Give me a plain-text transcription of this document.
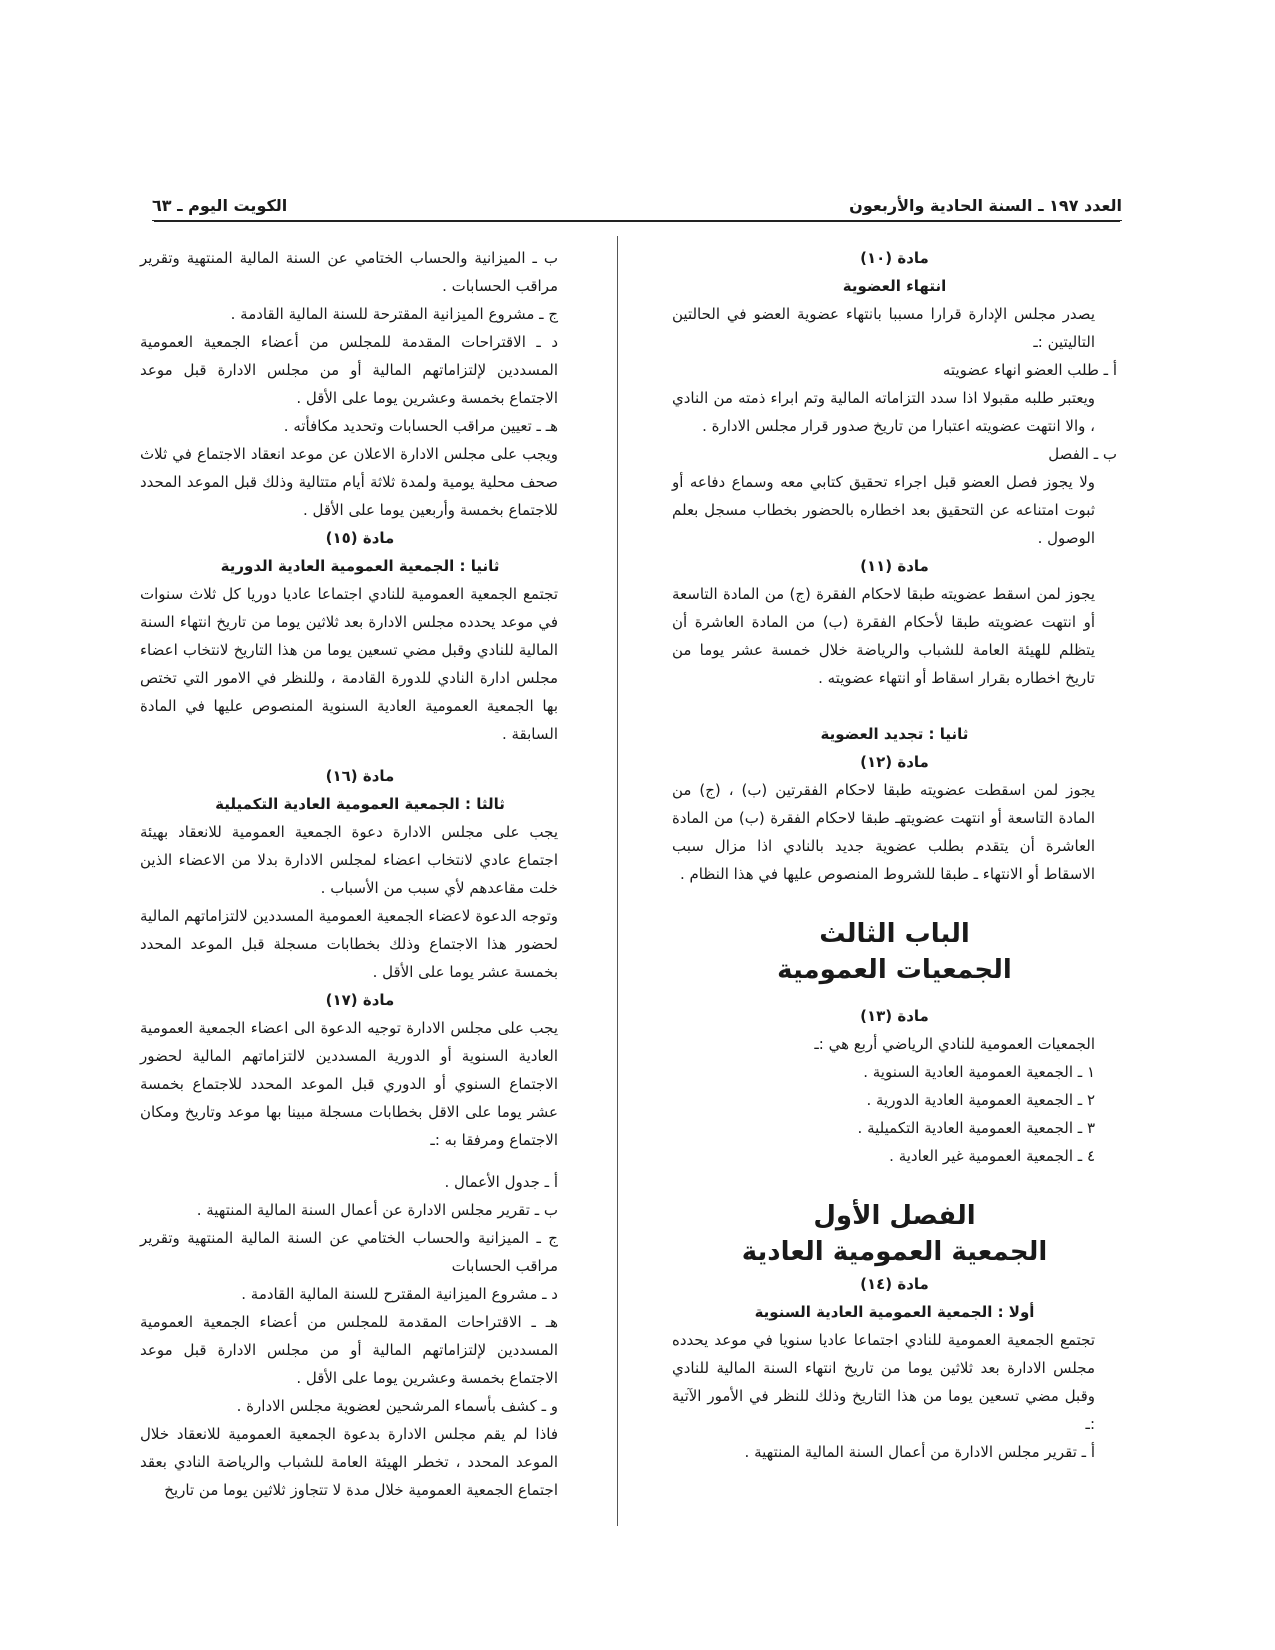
العدد ١٩٧ ـ السنة الحادية والأربعون
الكويت اليوم ـ ٦٣

مادة (١٠)

انتهاء العضوية

يصدر مجلس الإدارة قرارا مسببا بانتهاء عضوية العضو في الحالتين التاليتين :ـ

أ ـ طلب العضو انهاء عضويته

ويعتبر طلبه مقبولا اذا سدد التزاماته المالية وتم ابراء ذمته من النادي ، والا انتهت عضويته اعتبارا من تاريخ صدور قرار مجلس الادارة .

ب ـ الفصل

ولا يجوز فصل العضو قبل اجراء تحقيق كتابي معه وسماع دفاعه أو ثبوت امتناعه عن التحقيق بعد اخطاره بالحضور بخطاب مسجل بعلم الوصول .

مادة (١١)

يجوز لمن اسقط عضويته طبقا لاحكام الفقرة (ج) من المادة التاسعة أو انتهت عضويته طبقا لأحكام الفقرة (ب) من المادة العاشرة أن يتظلم للهيئة العامة للشباب والرياضة خلال خمسة عشر يوما من تاريخ اخطاره بقرار اسقاط أو انتهاء عضويته .

ثانيا : تجديد العضوية

مادة (١٢)

يجوز لمن اسقطت عضويته طبقا لاحكام الفقرتين (ب) ، (ج) من المادة التاسعة أو انتهت عضويتهـ طبقا لاحكام الفقرة (ب) من المادة العاشرة أن يتقدم بطلب عضوية جديد بالنادي اذا مزال سبب الاسقاط أو الانتهاء ـ طبقا للشروط المنصوص عليها في هذا النظام .

الباب الثالث

الجمعيات العمومية

مادة (١٣)

الجمعيات العمومية للنادي الرياضي أربع هي :ـ

١ ـ الجمعية العمومية العادية السنوية .

٢ ـ الجمعية العمومية العادية الدورية .

٣ ـ الجمعية العمومية العادية التكميلية .

٤ ـ الجمعية العمومية غير العادية .

الفصل الأول

الجمعية العمومية العادية

مادة (١٤)

أولا : الجمعية العمومية العادية السنوية

تجتمع الجمعية العمومية للنادي اجتماعا عاديا سنويا في موعد يحدده مجلس الادارة بعد ثلاثين يوما من تاريخ انتهاء السنة المالية للنادي وقبل مضي تسعين يوما من هذا التاريخ وذلك للنظر في الأمور الآتية :ـ

أ ـ تقرير مجلس الادارة من أعمال السنة المالية المنتهية .

ب ـ الميزانية والحساب الختامي عن السنة المالية المنتهية وتقرير مراقب الحسابات .

ج ـ مشروع الميزانية المقترحة للسنة المالية القادمة .

د ـ الاقتراحات المقدمة للمجلس من أعضاء الجمعية العمومية المسددين لإلتزاماتهم المالية أو من مجلس الادارة قبل موعد الاجتماع بخمسة وعشرين يوما على الأقل .

هـ ـ تعيين مراقب الحسابات وتحديد مكافأته .

ويجب على مجلس الادارة الاعلان عن موعد انعقاد الاجتماع في ثلاث صحف محلية يومية ولمدة ثلاثة أيام متتالية وذلك قبل الموعد المحدد للاجتماع بخمسة وأربعين يوما على الأقل .

مادة (١٥)

ثانيا : الجمعية العمومية العادية الدورية

تجتمع الجمعية العمومية للنادي اجتماعا عاديا دوريا كل ثلاث سنوات في موعد يحدده مجلس الادارة بعد ثلاثين يوما من تاريخ انتهاء السنة المالية للنادي وقبل مضي تسعين يوما من هذا التاريخ لانتخاب اعضاء مجلس ادارة النادي للدورة القادمة ، وللنظر في الامور التي تختص بها الجمعية العمومية العادية السنوية المنصوص عليها في المادة السابقة .

مادة (١٦)

ثالثا : الجمعية العمومية العادية التكميلية

يجب على مجلس الادارة دعوة الجمعية العمومية للانعقاد بهيئة اجتماع عادي لانتخاب اعضاء لمجلس الادارة بدلا من الاعضاء الذين خلت مقاعدهم لأي سبب من الأسباب .

وتوجه الدعوة لاعضاء الجمعية العمومية المسددين لالتزاماتهم المالية لحضور هذا الاجتماع وذلك بخطابات مسجلة قبل الموعد المحدد بخمسة عشر يوما على الأقل .

مادة (١٧)

يجب على مجلس الادارة توجيه الدعوة الى اعضاء الجمعية العمومية العادية السنوية أو الدورية المسددين لالتزاماتهم المالية لحضور الاجتماع السنوي أو الدوري قبل الموعد المحدد للاجتماع بخمسة عشر يوما على الاقل بخطابات مسجلة مبينا بها موعد وتاريخ ومكان الاجتماع ومرفقا به :ـ

أ ـ جدول الأعمال .

ب ـ تقرير مجلس الادارة عن أعمال السنة المالية المنتهية .

ج ـ الميزانية والحساب الختامي عن السنة المالية المنتهية وتقرير مراقب الحسابات

د ـ مشروع الميزانية المقترح للسنة المالية القادمة .

هـ ـ الاقتراحات المقدمة للمجلس من أعضاء الجمعية العمومية المسددين لإلتزاماتهم المالية أو من مجلس الادارة قبل موعد الاجتماع بخمسة وعشرين يوما على الأقل .

و ـ كشف بأسماء المرشحين لعضوية مجلس الادارة .

فاذا لم يقم مجلس الادارة بدعوة الجمعية العمومية للانعقاد خلال الموعد المحدد ، تخطر الهيئة العامة للشباب والرياضة النادي بعقد اجتماع الجمعية العمومية خلال مدة لا تتجاوز ثلاثين يوما من تاريخ
